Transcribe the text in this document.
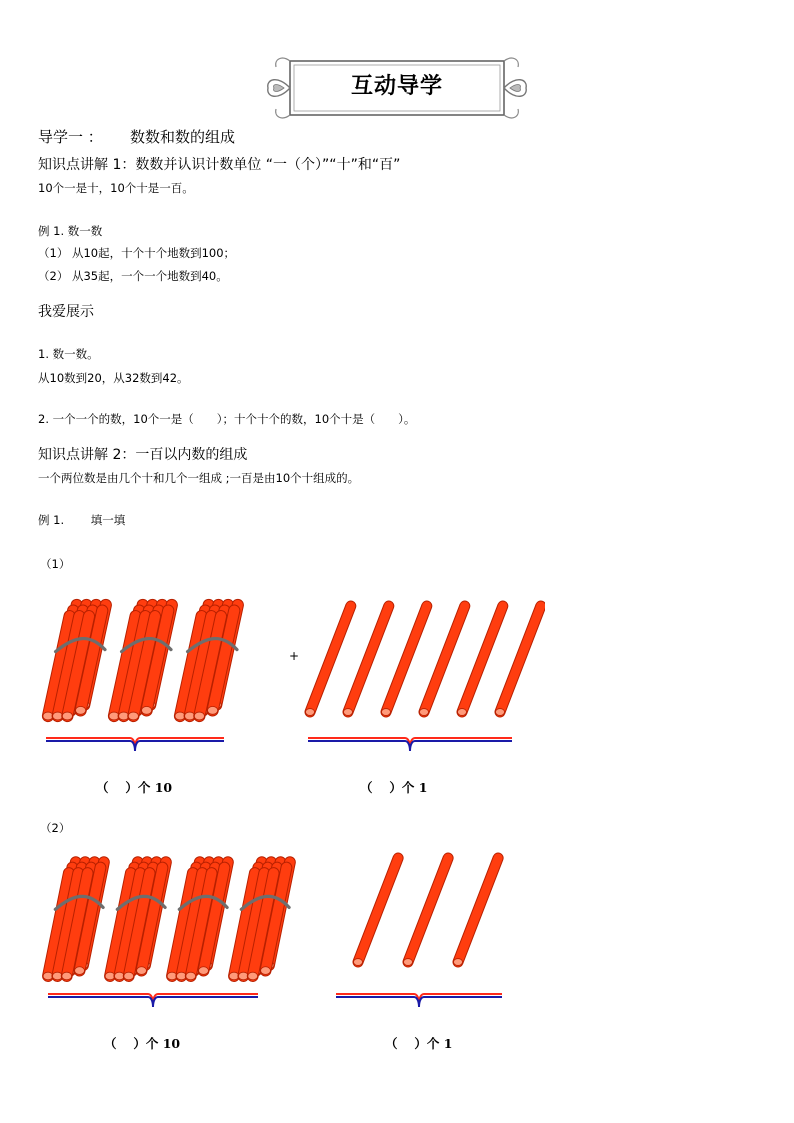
互动导学
导学一 ： 数数和数的组成
知识点讲解 1：数数并认识计数单位 “一（个）”“十”和“百”
10个一是十，10个十是一百。
例 1. 数一数
（1） 从10起，十个十个地数到100；
（2） 从35起，一个一个地数到40。
我爱展示
1. 数一数。
从10数到20，从32数到42。
2. 一个一个的数，10个一是（　　）；十个十个的数，10个十是（　　）。
知识点讲解 2：一百以内数的组成
一个两位数是由几个十和几个一组成 ;一百是由10个十组成的。
例 1.　　 填一填
（1）
+
（　 ）个 10	（　 ）个 1
（2）
（　 ）个 10	（　 ）个 1
